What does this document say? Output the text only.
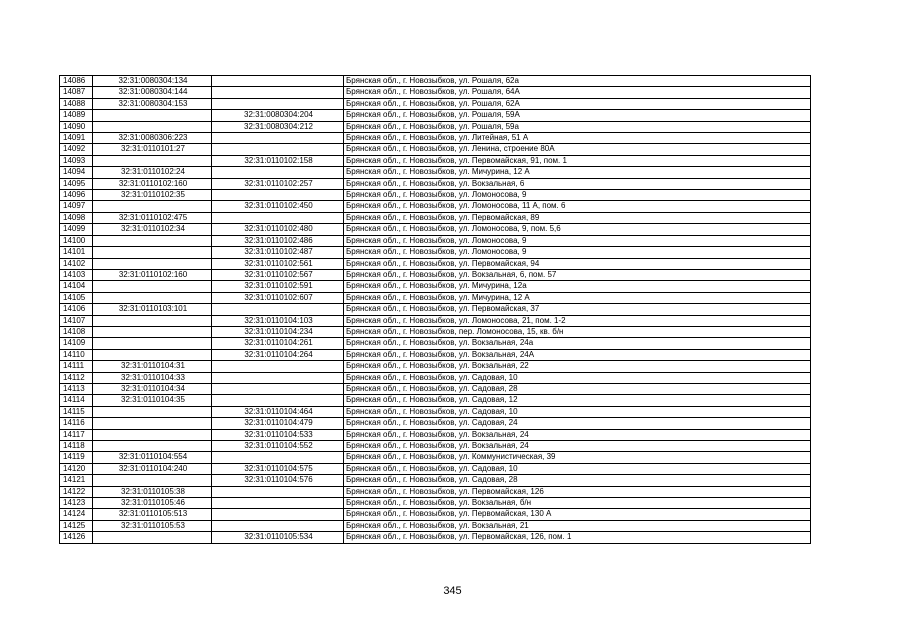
14086	32:31:0080304:134		Брянская обл., г. Новозыбков, ул. Рошаля, 62а
14087	32:31:0080304:144		Брянская обл., г. Новозыбков, ул. Рошаля, 64А
14088	32:31:0080304:153		Брянская обл., г. Новозыбков, ул. Рошаля, 62А
14089		32:31:0080304:204	Брянская обл., г. Новозыбков, ул. Рошаля, 59А
14090		32:31:0080304:212	Брянская обл., г. Новозыбков, ул. Рошаля, 59а
14091	32:31:0080306:223		Брянская обл., г. Новозыбков, ул. Литейная, 51 А
14092	32:31:0110101:27		Брянская обл., г. Новозыбков, ул. Ленина, строение 80А
14093		32:31:0110102:158	Брянская обл., г. Новозыбков, ул. Первомайская, 91, пом. 1
14094	32:31:0110102:24		Брянская обл., г. Новозыбков, ул. Мичурина, 12 А
14095	32:31:0110102:160	32:31:0110102:257	Брянская обл., г. Новозыбков, ул. Вокзальная, 6
14096	32:31:0110102:35		Брянская обл., г. Новозыбков, ул. Ломоносова, 9
14097		32:31:0110102:450	Брянская обл., г. Новозыбков, ул. Ломоносова, 11 А, пом. 6
14098	32:31:0110102:475		Брянская обл., г. Новозыбков, ул. Первомайская, 89
14099	32:31:0110102:34	32:31:0110102:480	Брянская обл., г. Новозыбков, ул. Ломоносова, 9, пом. 5,6
14100		32:31:0110102:486	Брянская обл., г. Новозыбков, ул. Ломоносова, 9
14101		32:31:0110102:487	Брянская обл., г. Новозыбков, ул. Ломоносова, 9
14102		32:31:0110102:561	Брянская обл., г. Новозыбков, ул. Первомайская, 94
14103	32:31:0110102:160	32:31:0110102:567	Брянская обл., г. Новозыбков, ул. Вокзальная, 6, пом. 57
14104		32:31:0110102:591	Брянская обл., г. Новозыбков, ул. Мичурина, 12а
14105		32:31:0110102:607	Брянская обл., г. Новозыбков, ул. Мичурина, 12 А
14106	32:31:0110103:101		Брянская обл., г. Новозыбков, ул. Первомайская, 37
14107		32:31:0110104:103	Брянская обл., г. Новозыбков, ул. Ломоносова, 21, пом. 1-2
14108		32:31:0110104:234	Брянская обл., г. Новозыбков, пер. Ломоносова, 15, кв. б/н
14109		32:31:0110104:261	Брянская обл., г. Новозыбков, ул. Вокзальная, 24а
14110		32:31:0110104:264	Брянская обл., г. Новозыбков, ул. Вокзальная, 24А
14111	32:31:0110104:31		Брянская обл., г. Новозыбков, ул. Вокзальная, 22
14112	32:31:0110104:33		Брянская обл., г. Новозыбков, ул. Садовая, 10
14113	32:31:0110104:34		Брянская обл., г. Новозыбков, ул. Садовая, 28
14114	32:31:0110104:35		Брянская обл., г. Новозыбков, ул. Садовая, 12
14115		32:31:0110104:464	Брянская обл., г. Новозыбков, ул. Садовая, 10
14116		32:31:0110104:479	Брянская обл., г. Новозыбков, ул. Садовая, 24
14117		32:31:0110104:533	Брянская обл., г. Новозыбков, ул. Вокзальная, 24
14118		32:31:0110104:552	Брянская обл., г. Новозыбков, ул. Вокзальная, 24
14119	32:31:0110104:554		Брянская обл., г. Новозыбков, ул. Коммунистическая, 39
14120	32:31:0110104:240	32:31:0110104:575	Брянская обл., г. Новозыбков, ул. Садовая, 10
14121		32:31:0110104:576	Брянская обл., г. Новозыбков, ул. Садовая, 28
14122	32:31:0110105:38		Брянская обл., г. Новозыбков, ул. Первомайская, 126
14123	32:31:0110105:46		Брянская обл., г. Новозыбков, ул. Вокзальная, б/н
14124	32:31:0110105:513		Брянская обл., г. Новозыбков, ул. Первомайская, 130 А
14125	32:31:0110105:53		Брянская обл., г. Новозыбков, ул. Вокзальная, 21
14126		32:31:0110105:534	Брянская обл., г. Новозыбков, ул. Первомайская, 126, пом. 1
345
